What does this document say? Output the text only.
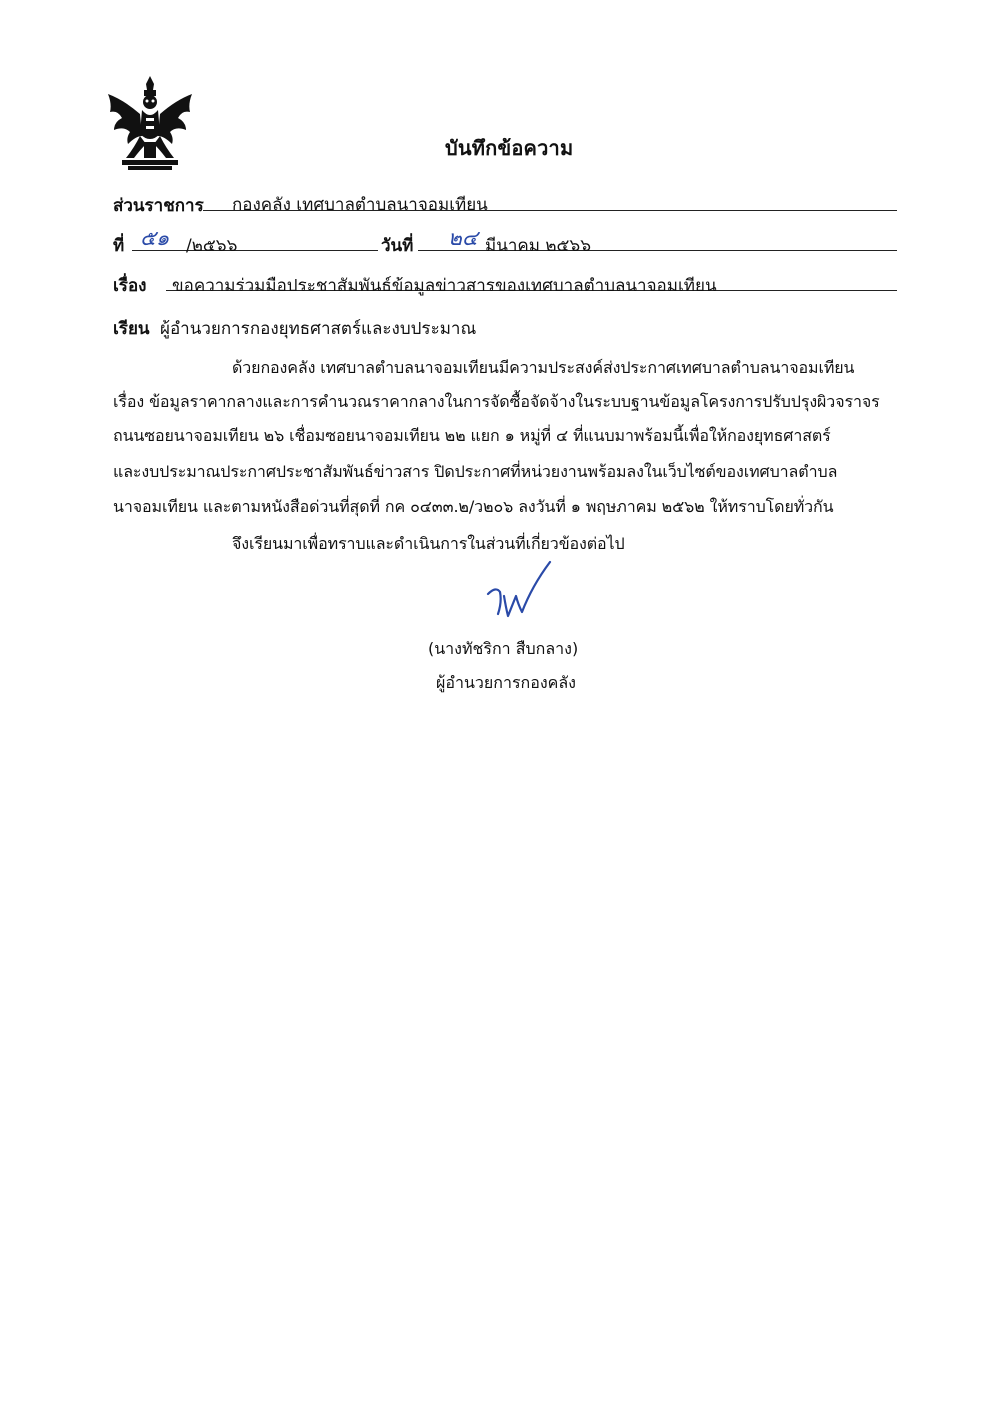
บันทึกข้อความ
ส่วนราชการ กองคลัง เทศบาลตำบลนาจอมเทียน
ที่ ๕๑ /๒๕๖๖	วันที่ ๒๔ มีนาคม ๒๕๖๖
เรื่อง ขอความร่วมมือประชาสัมพันธ์ข้อมูลข่าวสารของเทศบาลตำบลนาจอมเทียน
เรียน ผู้อำนวยการกองยุทธศาสตร์และงบประมาณ
ด้วยกองคลัง เทศบาลตำบลนาจอมเทียนมีความประสงค์ส่งประกาศเทศบาลตำบลนาจอมเทียน
เรื่อง ข้อมูลราคากลางและการคำนวณราคากลางในการจัดซื้อจัดจ้างในระบบฐานข้อมูลโครงการปรับปรุงผิวจราจร
ถนนซอยนาจอมเทียน ๒๖ เชื่อมซอยนาจอมเทียน ๒๒ แยก ๑ หมู่ที่ ๔ ที่แนบมาพร้อมนี้เพื่อให้กองยุทธศาสตร์
และงบประมาณประกาศประชาสัมพันธ์ข่าวสาร ปิดประกาศที่หน่วยงานพร้อมลงในเว็บไซต์ของเทศบาลตำบล
นาจอมเทียน และตามหนังสือด่วนที่สุดที่ กค ๐๔๓๓.๒/ว๒๐๖ ลงวันที่ ๑ พฤษภาคม ๒๕๖๒ ให้ทราบโดยทั่วกัน
จึงเรียนมาเพื่อทราบและดำเนินการในส่วนที่เกี่ยวข้องต่อไป
(นางทัชริกา สืบกลาง)
ผู้อำนวยการกองคลัง
